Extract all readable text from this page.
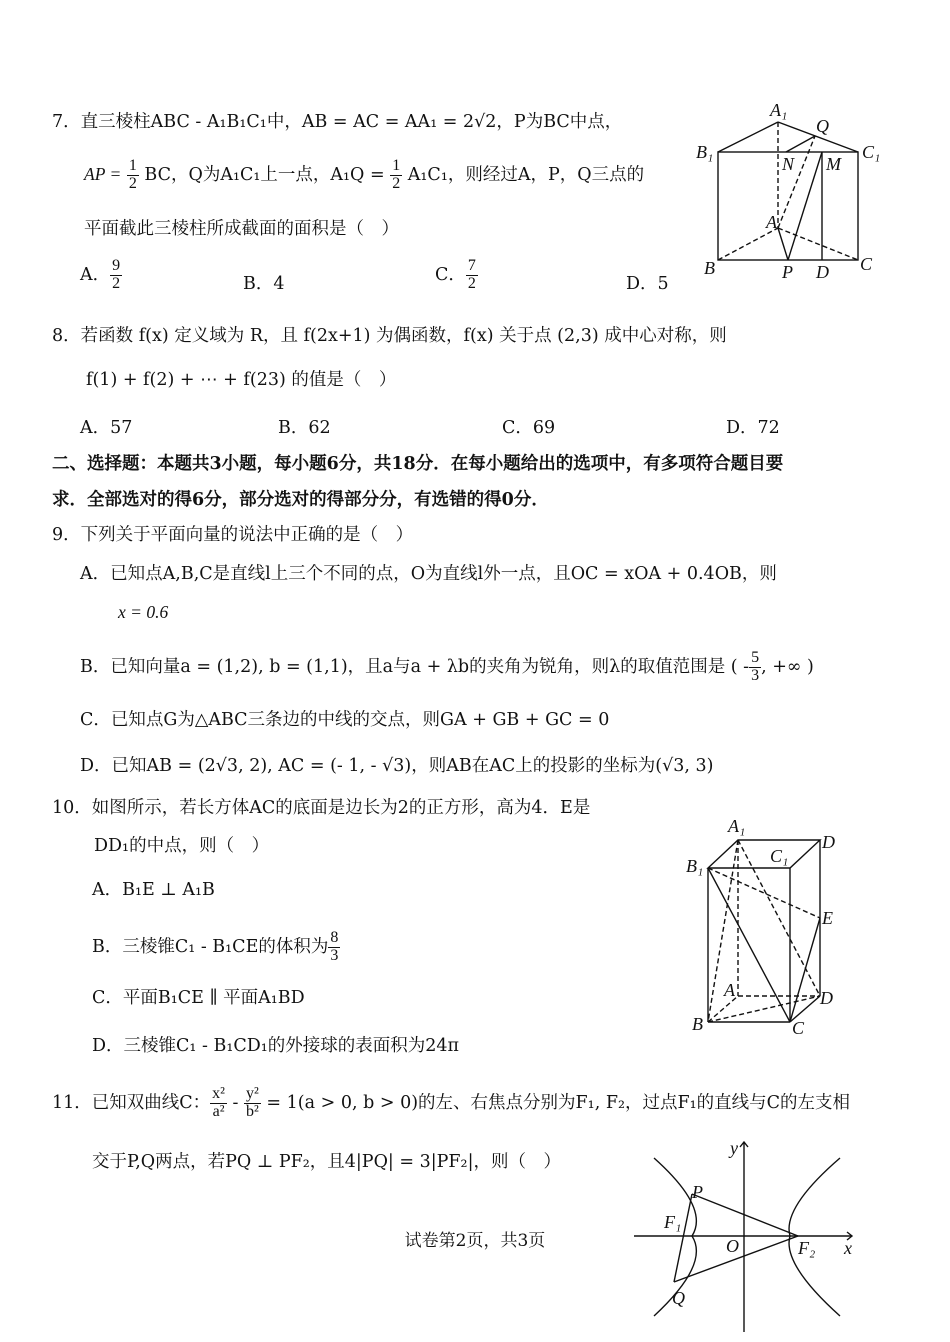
7．直三棱柱ABC - A₁B₁C₁中，AB = AC = AA₁ = 2√2，P为BC中点，
AP = $\frac{1}{2}$ BC，Q为A₁C₁上一点，$A_1Q = \frac{1}{2} A_1C_1$，则经过A，P，Q三点的
平面截此三棱柱所成截面的面积是（　）
A． $\frac{9}{2}$	B．4	C． $\frac{7}{2}$	D．5
A₁
Q
B₁
N M
C₁
A
B	P D C
8．若函数 f(x) 定义域为 R，且 f(2x+1) 为偶函数，f(x) 关于点 (2,3) 成中心对称，则
f(1) + f(2) + ⋯ + f(23) 的值是（　）
A．57	B．62	C．69	D．72
二、选择题：本题共3小题，每小题6分，共18分．在每小题给出的选项中，有多项符合题目要
求．全部选对的得6分，部分选对的得部分分，有选错的得0分．
9．下列关于平面向量的说法中正确的是（　）
A．已知点A,B,C是直线l上三个不同的点，O为直线l外一点，且OC = xOA + 0.4OB，则
x = 0.6
B．已知向量a = (1,2), b = (1,1)，且a与a + λb的夹角为锐角，则λ的取值范围是 ( - $\frac{5}{3}$ , +∞ )
C．已知点G为△ABC三条边的中线的交点，则GA + GB + GC = 0
D．已知AB = (2√3, 2), AC = (- 1, - √3)，则AB在AC上的投影的坐标为(√3, 3)
10．如图所示，若长方体AC的底面是边长为2的正方形，高为4．E是
DD₁的中点，则（　）
A．B₁E ⊥ A₁B
B．三棱锥C₁ - B₁CE的体积为 $\frac{8}{3}$
C．平面B₁CE ∥ 平面A₁BD
D．三棱锥C₁ - B₁CD₁的外接球的表面积为24π
A₁
D
C₁
B₁
E
A	D
B	C
11．已知双曲线C： $\frac{\text{x²}}{\text{a²}} - \frac{\text{y²}}{\text{b²}} = 1(a > 0$, b > 0)的左、右焦点分别为F₁, F₂，过点F₁的直线与C的左支相
交于P,Q两点，若PQ ⊥ PF₂，且4|PQ| = 3|PF₂|，则（　）
y
P
F₁
O	F₂ x
Q
试卷第2页，共3页
